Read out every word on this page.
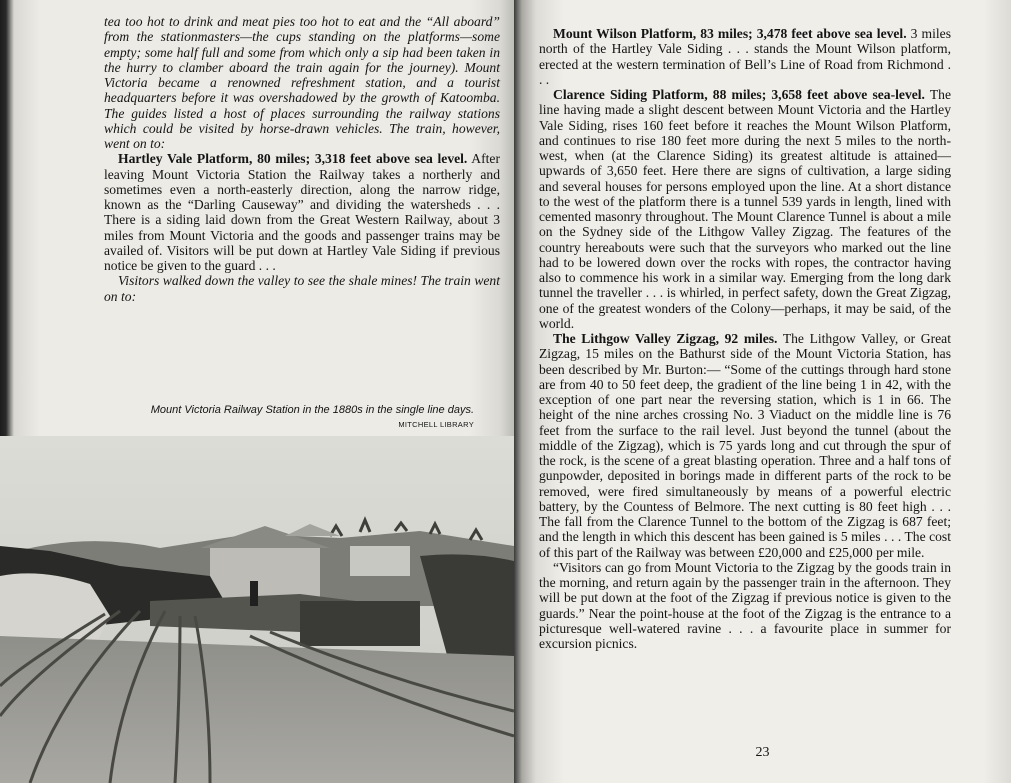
tea too hot to drink and meat pies too hot to eat and the “All aboard” from the stationmasters—the cups standing on the platforms—some empty; some half full and some from which only a sip had been taken in the hurry to clamber aboard the train again for the journey). Mount Victoria became a renowned refreshment station, and a tourist headquarters before it was overshadowed by the growth of Katoomba. The guides listed a host of places surrounding the railway stations which could be visited by horse-drawn vehicles. The train, however, went on to:

Hartley Vale Platform, 80 miles; 3,318 feet above sea level. After leaving Mount Victoria Station the Railway takes a northerly and sometimes even a north-easterly direction, along the narrow ridge, known as the “Darling Causeway” and dividing the watersheds . . . There is a siding laid down from the Great Western Railway, about 3 miles from Mount Victoria and the goods and passenger trains may be availed of. Visitors will be put down at Hartley Vale Siding if previous notice be given to the guard . . .

Visitors walked down the valley to see the shale mines! The train went on to:

Mount Victoria Railway Station in the 1880s in the single line days.
MITCHELL LIBRARY

Mount Wilson Platform, 83 miles; 3,478 feet above sea level. 3 miles north of the Hartley Vale Siding . . . stands the Mount Wilson platform, erected at the western termination of Bell’s Line of Road from Richmond . . .

Clarence Siding Platform, 88 miles; 3,658 feet above sea-level. The line having made a slight descent between Mount Victoria and the Hartley Vale Siding, rises 160 feet before it reaches the Mount Wilson Platform, and continues to rise 180 feet more during the next 5 miles to the north-west, when (at the Clarence Siding) its greatest altitude is attained—upwards of 3,650 feet. Here there are signs of cultivation, a large siding and several houses for persons employed upon the line. At a short distance to the west of the platform there is a tunnel 539 yards in length, lined with cemented masonry throughout. The Mount Clarence Tunnel is about a mile on the Sydney side of the Lithgow Valley Zigzag. The features of the country hereabouts were such that the surveyors who marked out the line had to be lowered down over the rocks with ropes, the contractor having also to commence his work in a similar way. Emerging from the long dark tunnel the traveller . . . is whirled, in perfect safety, down the Great Zigzag, one of the greatest wonders of the Colony—perhaps, it may be said, of the world.

The Lithgow Valley Zigzag, 92 miles. The Lithgow Valley, or Great Zigzag, 15 miles on the Bathurst side of the Mount Victoria Station, has been described by Mr. Burton:— “Some of the cuttings through hard stone are from 40 to 50 feet deep, the gradient of the line being 1 in 42, with the exception of one part near the reversing station, which is 1 in 66. The height of the nine arches crossing No. 3 Viaduct on the middle line is 76 feet from the surface to the rail level. Just beyond the tunnel (about the middle of the Zigzag), which is 75 yards long and cut through the spur of the rock, is the scene of a great blasting operation. Three and a half tons of gunpowder, deposited in borings made in different parts of the rock to be removed, were fired simultaneously by means of a powerful electric battery, by the Countess of Belmore. The next cutting is 80 feet high . . . The fall from the Clarence Tunnel to the bottom of the Zigzag is 687 feet; and the length in which this descent has been gained is 5 miles . . . The cost of this part of the Railway was between £20,000 and £25,000 per mile.

“Visitors can go from Mount Victoria to the Zigzag by the goods train in the morning, and return again by the passenger train in the afternoon. They will be put down at the foot of the Zigzag if previous notice is given to the guards.” Near the point-house at the foot of the Zigzag is the entrance to a picturesque well-watered ravine . . . a favourite place in summer for excursion picnics.

23
